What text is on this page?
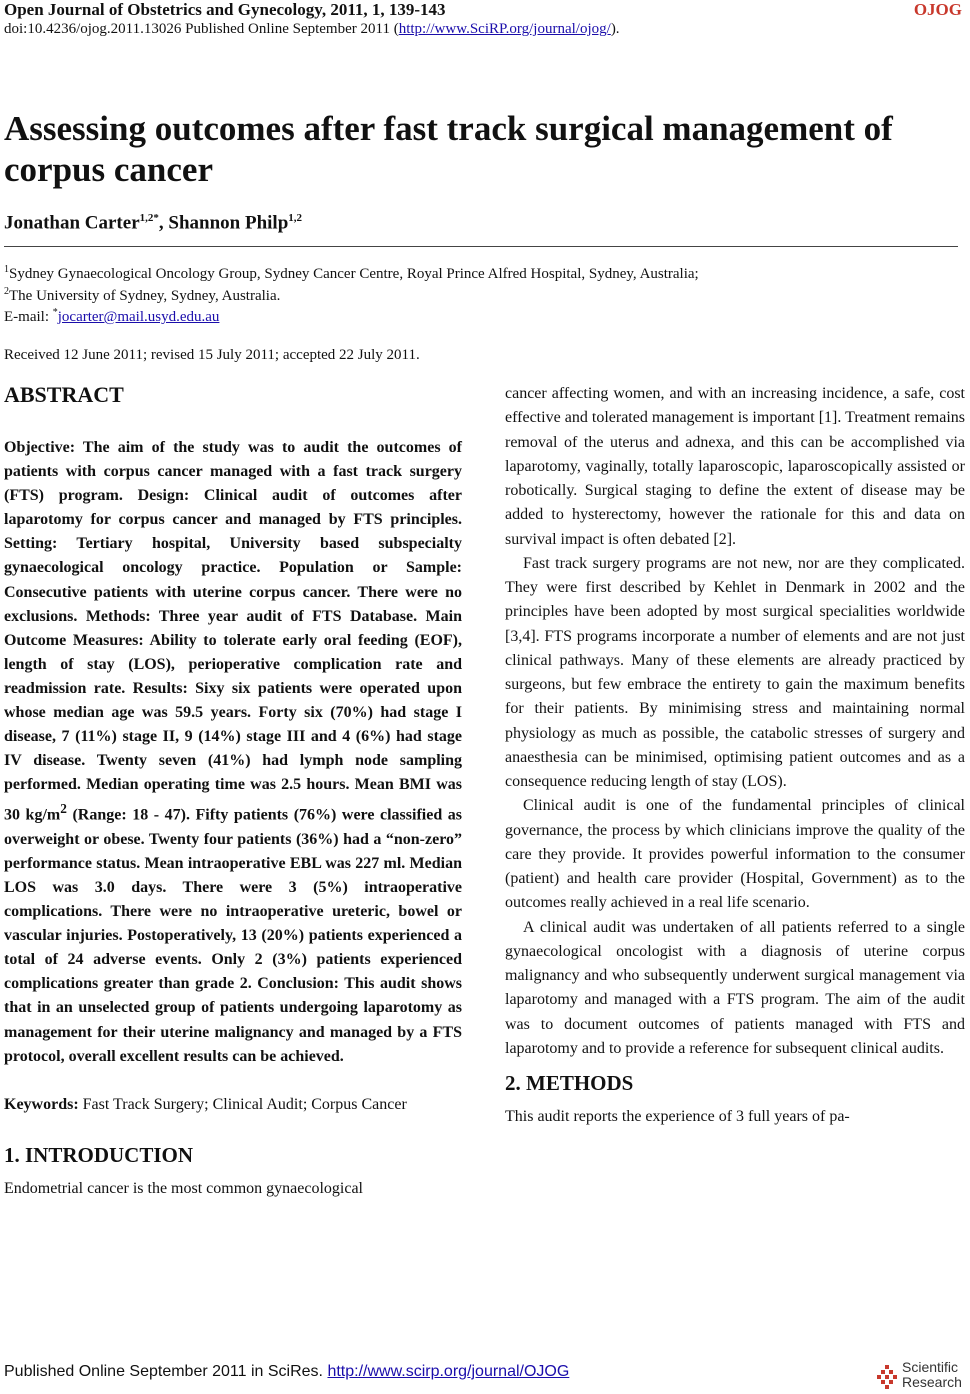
Open Journal of Obstetrics and Gynecology, 2011, 1, 139-143	OJOG
doi:10.4236/ojog.2011.13026 Published Online September 2011 (http://www.SciRP.org/journal/ojog/).
Assessing outcomes after fast track surgical management of corpus cancer
Jonathan Carter$^{1,2*}$, Shannon Philp$^{1,2}$
$^1$Sydney Gynaecological Oncology Group, Sydney Cancer Centre, Royal Prince Alfred Hospital, Sydney, Australia;
$^2$The University of Sydney, Sydney, Australia.
E-mail: *jocarter@mail.usyd.edu.au
Received 12 June 2011; revised 15 July 2011; accepted 22 July 2011.
ABSTRACT
Objective: The aim of the study was to audit the outcomes of patients with corpus cancer managed with a fast track surgery (FTS) program. Design: Clinical audit of outcomes after laparotomy for corpus cancer and managed by FTS principles. Setting: Tertiary hospital, University based subspecialty gynaecological oncology practice. Population or Sample: Consecutive patients with uterine corpus cancer. There were no exclusions. Methods: Three year audit of FTS Database. Main Outcome Measures: Ability to tolerate early oral feeding (EOF), length of stay (LOS), perioperative complication rate and readmission rate. Results: Sixy six patients were operated upon whose median age was 59.5 years. Forty six (70%) had stage I disease, 7 (11%) stage II, 9 (14%) stage III and 4 (6%) had stage IV disease. Twenty seven (41%) had lymph node sampling performed. Median operating time was 2.5 hours. Mean BMI was 30 $kg/m^2$ (Range: 18 - 47). Fifty patients (76%) were classified as overweight or obese. Twenty four patients (36%) had a “non-zero” performance status. Mean intraoperative EBL was 227 ml. Median LOS was 3.0 days. There were 3 (5%) intraoperative complications. There were no intraoperative ureteric, bowel or vascular injuries. Postoperatively, 13 (20%) patients experienced a total of 24 adverse events. Only 2 (3%) patients experienced complications greater than grade 2. Conclusion: This audit shows that in an unselected group of patients undergoing laparotomy as management for their uterine malignancy and managed by a FTS protocol, overall excellent results can be achieved.
Keywords: Fast Track Surgery; Clinical Audit; Corpus Cancer
1. INTRODUCTION
Endometrial cancer is the most common gynaecological
cancer affecting women, and with an increasing incidence, a safe, cost effective and tolerated management is important [1]. Treatment remains removal of the uterus and adnexa, and this can be accomplished via laparotomy, vaginally, totally laparoscopic, laparoscopically assisted or robotically. Surgical staging to define the extent of disease may be added to hysterectomy, however the rationale for this and data on survival impact is often debated [2].
Fast track surgery programs are not new, nor are they complicated. They were first described by Kehlet in Denmark in 2002 and the principles have been adopted by most surgical specialities worldwide [3,4]. FTS programs incorporate a number of elements and are not just clinical pathways. Many of these elements are already practiced by surgeons, but few embrace the entirety to gain the maximum benefits for their patients. By minimising stress and maintaining normal physiology as much as possible, the catabolic stresses of surgery and anaesthesia can be minimised, optimising patient outcomes and as a consequence reducing length of stay (LOS).
Clinical audit is one of the fundamental principles of clinical governance, the process by which clinicians improve the quality of the care they provide. It provides powerful information to the consumer (patient) and health care provider (Hospital, Government) as to the outcomes really achieved in a real life scenario.
A clinical audit was undertaken of all patients referred to a single gynaecological oncologist with a diagnosis of uterine corpus malignancy and who subsequently underwent surgical management via laparotomy and managed with a FTS program. The aim of the audit was to document outcomes of patients managed with FTS and laparotomy and to provide a reference for subsequent clinical audits.
2. METHODS
This audit reports the experience of 3 full years of pa-
Published Online September 2011 in SciRes. http://www.scirp.org/journal/OJOG	Scientific
Research
